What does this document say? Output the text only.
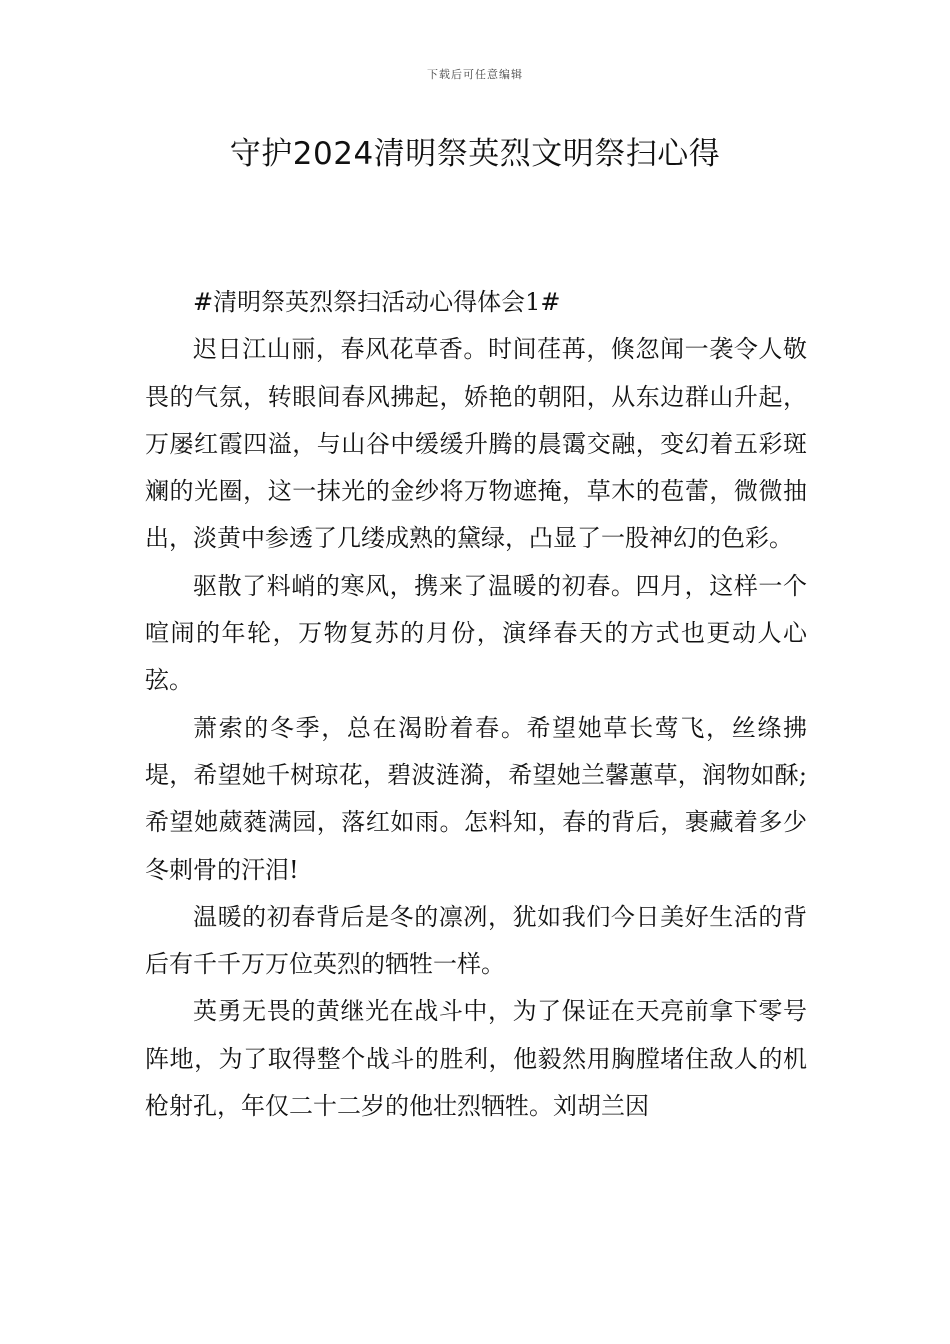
下载后可任意编辑
守护2024清明祭英烈文明祭扫心得

#清明祭英烈祭扫活动心得体会1#

迟日江山丽，春风花草香。时间荏苒，倏忽闻一袭令人敬畏的气氛，转眼间春风拂起，娇艳的朝阳，从东边群山升起，万屡红霞四溢，与山谷中缓缓升腾的晨霭交融，变幻着五彩斑斓的光圈，这一抹光的金纱将万物遮掩，草木的苞蕾，微微抽出，淡黄中参透了几缕成熟的黛绿，凸显了一股神幻的色彩。

驱散了料峭的寒风，携来了温暖的初春。四月，这样一个喧闹的年轮，万物复苏的月份，演绎春天的方式也更动人心弦。

萧索的冬季，总在渴盼着春。希望她草长莺飞，丝绦拂堤，希望她千树琼花，碧波涟漪，希望她兰馨蕙草，润物如酥;希望她葳蕤满园，落红如雨。怎料知，春的背后，裹藏着多少冬刺骨的汗泪!

温暖的初春背后是冬的凛冽，犹如我们今日美好生活的背后有千千万万位英烈的牺牲一样。

英勇无畏的黄继光在战斗中，为了保证在天亮前拿下零号阵地，为了取得整个战斗的胜利，他毅然用胸膛堵住敌人的机枪射孔，年仅二十二岁的他壮烈牺牲。刘胡兰因
